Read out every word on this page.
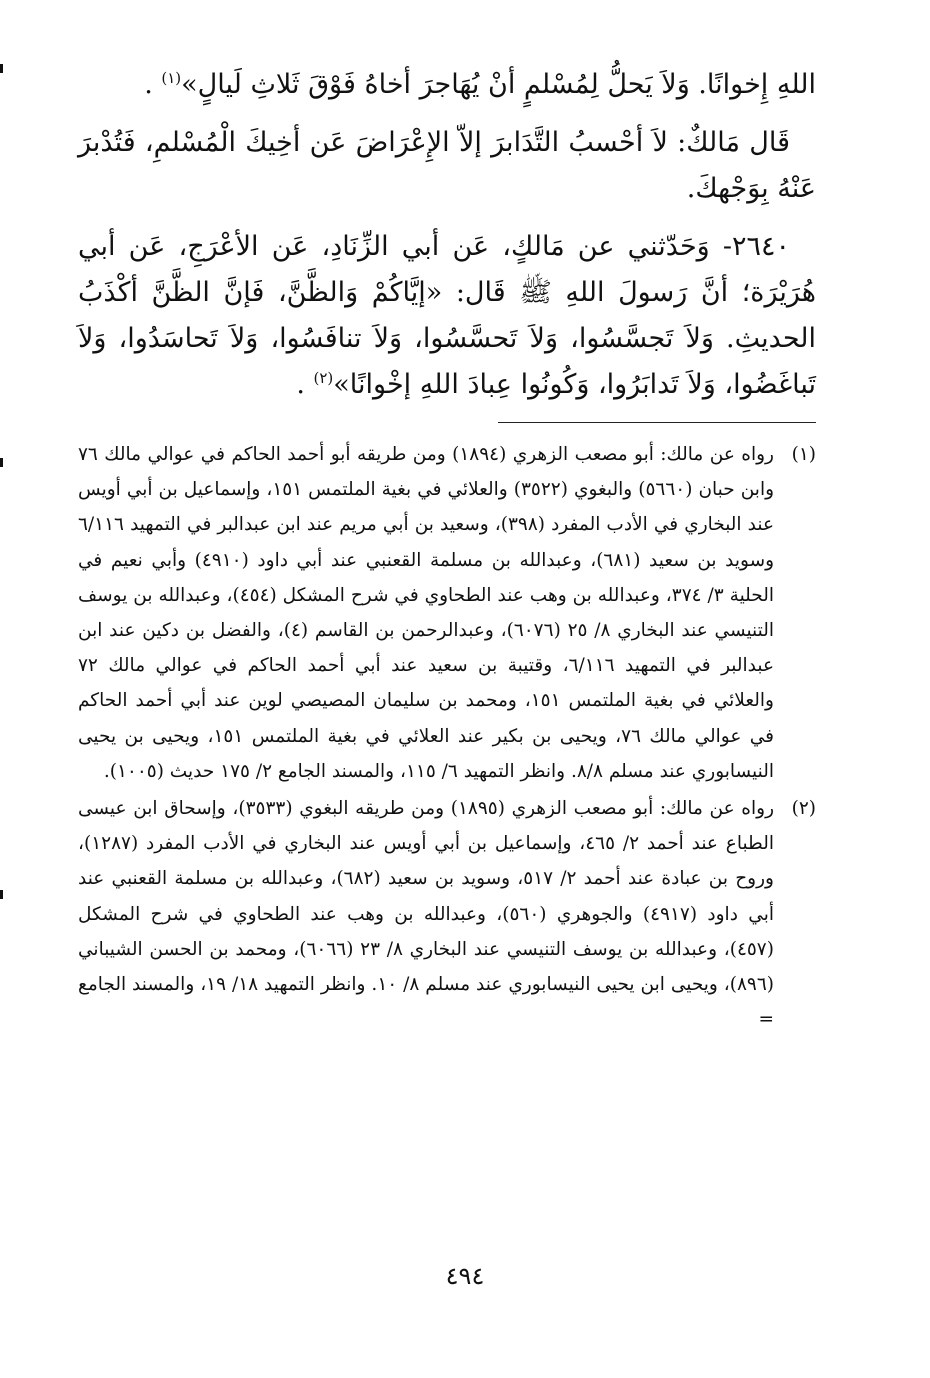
اللهِ إِخوانًا. وَلاَ يَحلُّ لِمُسْلمٍ أنْ يُهَاجرَ أخاهُ فَوْقَ ثَلاثِ لَيالٍ»$^{(١)}$ .

قَال مَالكٌ: لاَ أحْسبُ التَّدَابرَ إلاّ الإِعْرَاضَ عَن أخِيكَ الْمُسْلمِ، فَتُدْبرَ عَنْهُ بِوَجْهكَ.

٢٦٤٠- وَحَدّثني عن مَالكٍ، عَن أبي الزِّنَادِ، عَن الأعْرَجِ، عَن أبي هُرَيْرَة؛ أنَّ رَسولَ اللهِ ﷺ قَال: «إيَّاكُمْ وَالظَّنَّ، فَإنَّ الظَّنَّ أكْذَبُ الحديثِ. وَلاَ تَجسَّسُوا، وَلاَ تَحسَّسُوا، وَلاَ تنافَسُوا، وَلاَ تَحاسَدُوا، وَلاَ تَباغَضُوا، وَلاَ تَدابَرُوا، وَكُونُوا عِبادَ اللهِ إخْوانًا»$^{(٢)}$ .

(١)
رواه عن مالك: أبو مصعب الزهري (١٨٩٤) ومن طريقه أبو أحمد الحاكم في عوالي مالك ٧٦ وابن حبان (٥٦٦٠) والبغوي (٣٥٢٢) والعلائي في بغية الملتمس ١٥١، وإسماعيل بن أبي أويس عند البخاري في الأدب المفرد (٣٩٨)، وسعيد بن أبي مريم عند ابن عبدالبر في التمهيد ٦/١١٦ وسويد بن سعيد (٦٨١)، وعبدالله بن مسلمة القعنبي عند أبي داود (٤٩١٠) وأبي نعيم في الحلية ٣/ ٣٧٤، وعبدالله بن وهب عند الطحاوي في شرح المشكل (٤٥٤)، وعبدالله بن يوسف التنيسي عند البخاري ٨/ ٢٥ (٦٠٧٦)، وعبدالرحمن بن القاسم (٤)، والفضل بن دكين عند ابن عبدالبر في التمهيد ٦/١١٦، وقتيبة بن سعيد عند أبي أحمد الحاكم في عوالي مالك ٧٢ والعلائي في بغية الملتمس ١٥١، ومحمد بن سليمان المصيصي لوين عند أبي أحمد الحاكم في عوالي مالك ٧٦، ويحيى بن بكير عند العلائي في بغية الملتمس ١٥١، ويحيى بن يحيى النيسابوري عند مسلم ٨/٨. وانظر التمهيد ٦/ ١١٥، والمسند الجامع ٢/ ١٧٥ حديث (١٠٠٥).
(٢)
رواه عن مالك: أبو مصعب الزهري (١٨٩٥) ومن طريقه البغوي (٣٥٣٣)، وإسحاق ابن عيسى الطباع عند أحمد ٢/ ٤٦٥، وإسماعيل بن أبي أويس عند البخاري في الأدب المفرد (١٢٨٧)، وروح بن عبادة عند أحمد ٢/ ٥١٧، وسويد بن سعيد (٦٨٢)، وعبدالله بن مسلمة القعنبي عند أبي داود (٤٩١٧) والجوهري (٥٦٠)، وعبدالله بن وهب عند الطحاوي في شرح المشكل (٤٥٧)، وعبدالله بن يوسف التنيسي عند البخاري ٨/ ٢٣ (٦٠٦٦)، ومحمد بن الحسن الشيباني (٨٩٦)، ويحيى ابن يحيى النيسابوري عند مسلم ٨/ ١٠. وانظر التمهيد ١٨/ ١٩، والمسند الجامع =
٤٩٤
